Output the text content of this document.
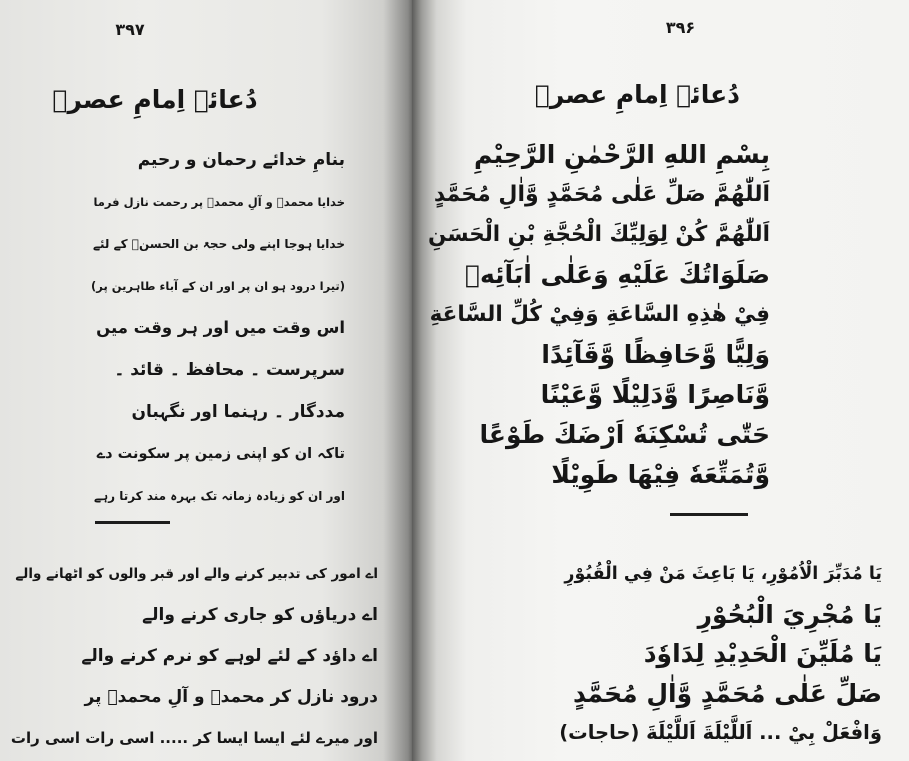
۳۹۷
دُعائے اِمامِ عصرؑ
بنامِ خدائے رحمان و رحیم
خدایا محمدؐ و آلِ محمدؐ پر رحمت نازل فرما
خدایا ہوجا اپنے ولی حجۃ بن الحسنؑ کے لئے
(تیرا درود ہو ان پر اور ان کے آباء طاہرین پر)
اس وقت میں اور ہر وقت میں
سرپرست ۔ محافظ ۔ قائد ۔
مددگار ۔ رہنما اور نگہبان
تاکہ ان کو اپنی زمین پر سکونت دے
اور ان کو زیادہ زمانہ تک بہرہ مند کرتا رہے
اے امور کی تدبیر کرنے والے اور قبر والوں کو اٹھانے والے
اے دریاؤں کو جاری کرنے والے
اے داؤد کے لئے لوہے کو نرم کرنے والے
درود نازل کر محمدؐ و آلِ محمدؐ پر
اور میرے لئے ایسا ایسا کر ..... اسی رات اسی رات
۳۹۶
دُعائے اِمامِ عصرؑ
بِسْمِ اللهِ الرَّحْمٰنِ الرَّحِيْمِ
اَللّٰهُمَّ صَلِّ عَلٰى مُحَمَّدٍ وَّاٰلِ مُحَمَّدٍ
اَللّٰهُمَّ كُنْ لِوَلِيِّكَ الْحُجَّةِ بْنِ الْحَسَنِ
صَلَوَاتُكَ عَلَيْهِ وَعَلٰى اٰبَآئِهٖ
فِيْ هٰذِهِ السَّاعَةِ وَفِيْ كُلِّ السَّاعَةِ
وَلِيًّا وَّحَافِظًا وَّقَآئِدًا
وَّنَاصِرًا وَّدَلِيْلًا وَّعَيْنًا
حَتّٰى تُسْكِنَهٗ اَرْضَكَ طَوْعًا
وَّتُمَتِّعَهٗ فِيْهَا طَوِيْلًا
يَا مُدَبِّرَ الْاُمُوْرِ، يَا بَاعِثَ مَنْ فِي الْقُبُوْرِ
يَا مُجْرِيَ الْبُحُوْرِ
يَا مُلَيِّنَ الْحَدِيْدِ لِدَاوٗدَ
صَلِّ عَلٰى مُحَمَّدٍ وَّاٰلِ مُحَمَّدٍ
وَافْعَلْ بِيْ ... اَللَّيْلَةَ اَللَّيْلَةَ (حاجات)
